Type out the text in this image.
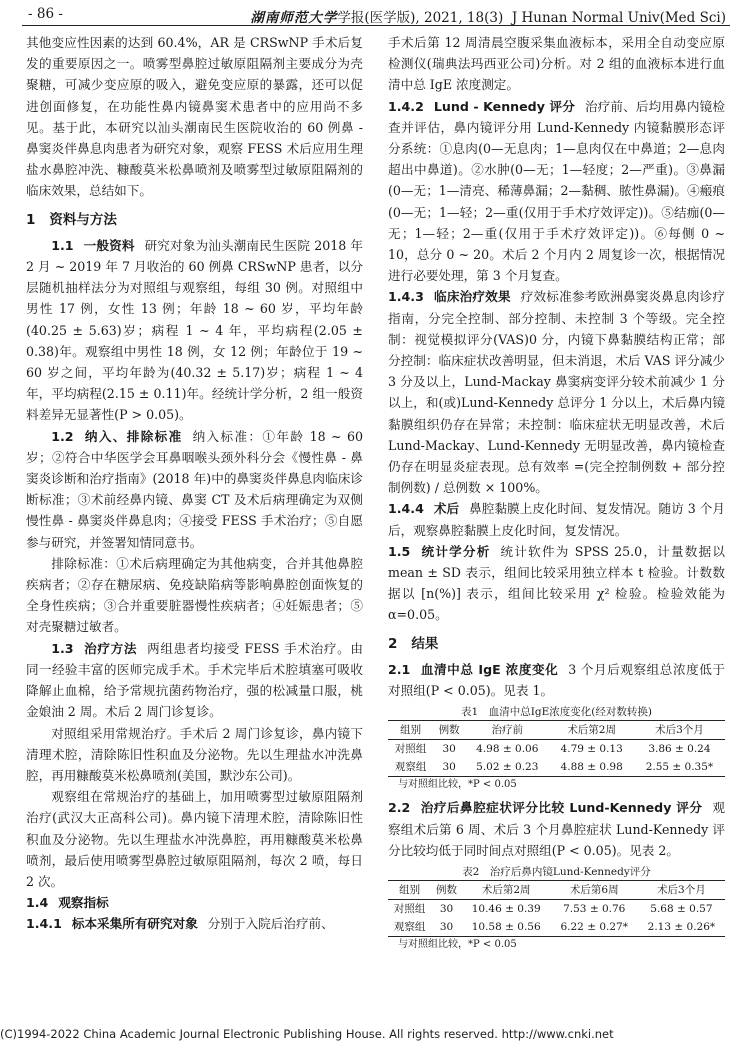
- 86 -	湖南师范大学学报(医学版), 2021, 18(3) J Hunan Normal Univ(Med Sci)

其他变应性因素的达到 60.4%，AR 是 CRSwNP 手术后复发的重要原因之一。喷雾型鼻腔过敏原阻隔剂主要成分为壳聚糖，可减少变应原的吸入，避免变应原的暴露，还可以促进创面修复，在功能性鼻内镜鼻窦术患者中的应用尚不多见。基于此，本研究以汕头潮南民生医院收治的 60 例鼻 - 鼻窦炎伴鼻息肉患者为研究对象，观察 FESS 术后应用生理盐水鼻腔冲洗、糠酸莫米松鼻喷剂及喷雾型过敏原阻隔剂的临床效果，总结如下。

1 资料与方法

1.1 一般资料 研究对象为汕头潮南民生医院 2018 年 2 月 ~ 2019 年 7 月收治的 60 例鼻 CRSwNP 患者，以分层随机抽样法分为对照组与观察组，每组 30 例。对照组中男性 17 例，女性 13 例；年龄 18 ~ 60 岁，平均年龄(40.25 ± 5.63)岁；病程 1 ~ 4 年，平均病程(2.05 ± 0.38)年。观察组中男性 18 例，女 12 例；年龄位于 19 ~ 60 岁之间，平均年龄为(40.32 ± 5.17)岁；病程 1 ~ 4 年，平均病程(2.15 ± 0.11)年。经统计学分析，2 组一般资料差异无显著性(P > 0.05)。

1.2 纳入、排除标准 纳入标准：①年龄 18 ~ 60 岁；②符合中华医学会耳鼻咽喉头颈外科分会《慢性鼻 - 鼻窦炎诊断和治疗指南》(2018 年)中的鼻窦炎伴鼻息肉临床诊断标准；③术前经鼻内镜、鼻窦 CT 及术后病理确定为双侧慢性鼻 - 鼻窦炎伴鼻息肉；④接受 FESS 手术治疗；⑤自愿参与研究，并签署知情同意书。

排除标准：①术后病理确定为其他病变，合并其他鼻腔疾病者；②存在糖尿病、免疫缺陷病等影响鼻腔创面恢复的全身性疾病；③合并重要脏器慢性疾病者；④妊娠患者；⑤对壳聚糖过敏者。

1.3 治疗方法 两组患者均接受 FESS 手术治疗。由同一经验丰富的医师完成手术。手术完毕后术腔填塞可吸收降解止血棉，给予常规抗菌药物治疗，强的松减量口服，桃金娘油 2 周。术后 2 周门诊复诊。

对照组采用常规治疗。手术后 2 周门诊复诊，鼻内镜下清理术腔，清除陈旧性积血及分泌物。先以生理盐水冲洗鼻腔，再用糠酸莫米松鼻喷剂(美国，默沙东公司)。

观察组在常规治疗的基础上，加用喷雾型过敏原阻隔剂治疗(武汉大正高科公司)。鼻内镜下清理术腔，清除陈旧性积血及分泌物。先以生理盐水冲洗鼻腔，再用糠酸莫米松鼻喷剂，最后使用喷雾型鼻腔过敏原阻隔剂，每次 2 喷，每日 2 次。

1.4 观察指标

1.4.1 标本采集所有研究对象 分别于入院后治疗前、

手术后第 12 周清晨空腹采集血液标本，采用全自动变应原检测仪(瑞典法玛西亚公司)分析。对 2 组的血液标本进行血清中总 IgE 浓度测定。

1.4.2 Lund - Kennedy 评分 治疗前、后均用鼻内镜检查并评估，鼻内镜评分用 Lund-Kennedy 内镜黏膜形态评分系统：①息肉(0—无息肉；1—息肉仅在中鼻道；2—息肉超出中鼻道)。②水肿(0—无；1—轻度；2—严重)。③鼻漏(0—无；1—清亮、稀薄鼻漏；2—黏稠、脓性鼻漏)。④瘢痕(0—无；1—轻；2—重(仅用于手术疗效评定))。⑤结痂(0—无；1—轻；2—重(仅用于手术疗效评定))。⑥每侧 0 ~ 10，总分 0 ~ 20。术后 2 个月内 2 周复诊一次，根据情况进行必要处理，第 3 个月复查。

1.4.3 临床治疗效果 疗效标准参考欧洲鼻窦炎鼻息肉诊疗指南，分完全控制、部分控制、未控制 3 个等级。完全控制：视觉模拟评分(VAS)0 分，内镜下鼻黏膜结构正常；部分控制：临床症状改善明显，但未消退，术后 VAS 评分减少 3 分及以上，Lund-Mackay 鼻窦病变评分较术前减少 1 分以上，和(或)Lund-Kennedy 总评分 1 分以上，术后鼻内镜黏膜组织仍存在异常；未控制：临床症状无明显改善，术后 Lund-Mackay、Lund-Kennedy 无明显改善，鼻内镜检查仍存在明显炎症表现。总有效率 =(完全控制例数 + 部分控制例数) / 总例数 × 100%。

1.4.4 术后 鼻腔黏膜上皮化时间、复发情况。随访 3 个月后，观察鼻腔黏膜上皮化时间，复发情况。

1.5 统计学分析 统计软件为 SPSS 25.0，计量数据以 mean ± SD 表示，组间比较采用独立样本 t 检验。计数数据以 [n(%)] 表示，组间比较采用 χ² 检验。检验效能为 α=0.05。

2 结果

2.1 血清中总 IgE 浓度变化 3 个月后观察组总浓度低于对照组(P < 0.05)。见表 1。

表1　血清中总IgE浓度变化(经对数转换)
组别	例数	治疗前	术后第2周	术后3个月
对照组	30	4.98 ± 0.06	4.79 ± 0.13	3.86 ± 0.24
观察组	30	5.02 ± 0.23	4.88 ± 0.98	2.55 ± 0.35*
与对照组比较，*P < 0.05

2.2 治疗后鼻腔症状评分比较 Lund-Kennedy 评分 观察组术后第 6 周、术后 3 个月鼻腔症状 Lund-Kennedy 评分比较均低于同时间点对照组(P < 0.05)。见表 2。

表2　治疗后鼻内镜Lund-Kennedy评分
组别	例数	术后第2周	术后第6周	术后3个月
对照组	30	10.46 ± 0.39	7.53 ± 0.76	5.68 ± 0.57
观察组	30	10.58 ± 0.56	6.22 ± 0.27*	2.13 ± 0.26*
与对照组比较，*P < 0.05
(C)1994-2022 China Academic Journal Electronic Publishing House. All rights reserved. http://www.cnki.net
